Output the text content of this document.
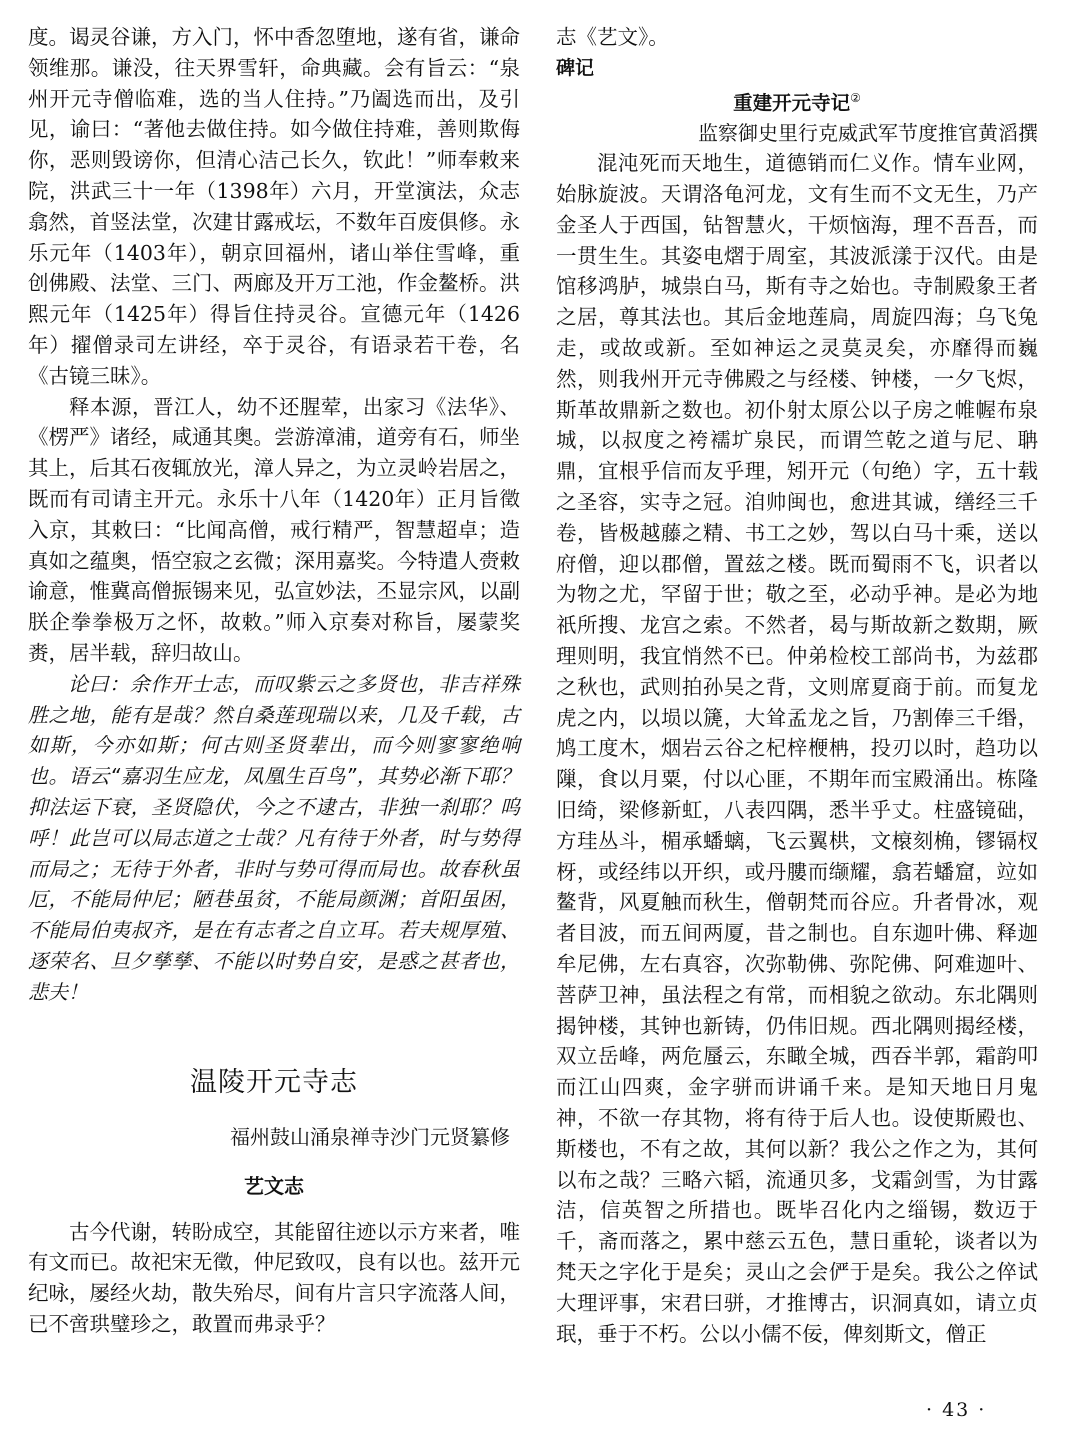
度。谒灵谷谦，方入门，怀中香忽堕地，遂有省，谦命领维那。谦没，往天界雪轩，命典藏。会有旨云：“泉州开元寺僧临难，选的当人住持。”乃阖选而出，及引见，谕曰：“著他去做住持。如今做住持难，善则欺侮你，恶则毁谤你，但清心洁己长久，钦此！”师奉敕来院，洪武三十一年（1398年）六月，开堂演法，众志翕然，首竖法堂，次建甘露戒坛，不数年百废俱修。永乐元年（1403年），朝京回福州，诸山举住雪峰，重创佛殿、法堂、三门、两廊及开万工池，作金鳌桥。洪熙元年（1425年）得旨住持灵谷。宣德元年（1426年）擢僧录司左讲经，卒于灵谷，有语录若干卷，名《古镜三昧》。

释本源，晋江人，幼不还腥荤，出家习《法华》、《楞严》诸经，咸通其奥。尝游漳浦，道旁有石，师坐其上，后其石夜辄放光，漳人异之，为立灵岭岩居之，既而有司请主开元。永乐十八年（1420年）正月旨徵入京，其敕曰：“比闻高僧，戒行精严，智慧超卓；造真如之蕴奥，悟空寂之玄微；深用嘉奖。今特遣人赍敕谕意，惟冀高僧振锡来见，弘宣妙法，丕显宗风，以副朕企拳拳极万之怀，故敕。”师入京奏对称旨，屡蒙奖赉，居半载，辞归故山。

论曰：余作开士志，而叹紫云之多贤也，非吉祥殊胜之地，能有是哉？然自桑莲现瑞以来，几及千载，古如斯，今亦如斯；何古则圣贤辈出，而今则寥寥绝响也。语云“嘉羽生应龙，凤凰生百鸟”，其势必渐下耶？抑法运下衰，圣贤隐伏，今之不逮古，非独一刹耶？呜呼！此岂可以局志道之士哉？凡有待于外者，时与势得而局之；无待于外者，非时与势可得而局也。故春秋虽厄，不能局仲尼；陋巷虽贫，不能局颜渊；首阳虽困，不能局伯夷叔齐，是在有志者之自立耳。若夫规厚殖、逐荣名、旦夕孳孳、不能以时势自安，是惑之甚者也，悲夫！

温陵开元寺志
福州鼓山涌泉禅寺沙门元贤纂修
艺文志

古今代谢，转盼成空，其能留往迹以示方来者，唯有文而已。故祀宋无徵，仲尼致叹，良有以也。兹开元纪咏，屡经火劫，散失殆尽，间有片言只字流落人间，已不啻珙璧珍之，敢置而弗录乎？

志《艺文》。

碑记
重建开元寺记②
监察御史里行克威武军节度推官黄滔撰

混沌死而天地生，道德销而仁义作。情车业网，始脉旋波。天谓洛龟河龙，文有生而不文无生，乃产金圣人于西国，钻智慧火，干烦恼海，理不吾吾，而一贯生生。其姿电熠于周室，其波派漾于汉代。由是馆移鸿胪，城祟白马，斯有寺之始也。寺制殿象王者之居，尊其法也。其后金地莲扃，周旋四海；乌飞兔走，或故或新。至如神运之灵莫灵矣，亦靡得而巍然，则我州开元寺佛殿之与经楼、钟楼，一夕飞烬，斯革故鼎新之数也。初仆射太原公以子房之帷幄布泉城，以叔度之袴襦圹泉民，而谓竺乾之道与尼、聃鼎，宜根乎信而友乎理，矧开元（句绝）字，五十载之圣容，实寺之冠。洎帅闽也，愈进其诚，缮经三千卷，皆极越藤之精、书工之妙，驾以白马十乘，送以府僧，迎以郡僧，置兹之楼。既而蜀雨不飞，识者以为物之尤，罕留于世；敬之至，必动乎神。是必为地祇所搜、龙宫之索。不然者，曷与斯故新之数期，厥理则明，我宜悄然不已。仲弟检校工部尚书，为兹郡之秋也，武则拍孙吴之背，文则席夏商于前。而复龙虎之内，以埙以篪，大耸孟龙之旨，乃割俸三千缗，鸠工度木，烟岩云谷之杞梓楩柟，投刃以时，趋功以隟，食以月粟，付以心匪，不期年而宝殿涌出。栋隆旧绮，梁修新虹，八表四隅，悉半乎丈。柱盛镜础，方珪丛斗，楣承蟠螭，飞云翼栱，文榱刻桷，镠镉杈枒，或经纬以开织，或丹膢而缬耀，翕若蟠窟，竝如鳌背，风夏触而秋生，僧朝梵而谷应。升者骨冰，观者目波，而五间两厦，昔之制也。自东迦叶佛、释迦牟尼佛，左右真容，次弥勒佛、弥陀佛、阿难迦叶、菩萨卫神，虽法程之有常，而相貌之欲动。东北隅则揭钟楼，其钟也新铸，仍伟旧规。西北隅则揭经楼，双立岳峰，两危蜃云，东瞰全城，西吞半郭，霜韵叩而江山四爽，金字骈而讲诵千来。是知天地日月鬼神，不欲一存其物，将有待于后人也。设使斯殿也、斯楼也，不有之故，其何以新？我公之作之为，其何以布之哉？三略六韬，流通贝多，戈霜剑雪，为甘露洁，信英智之所措也。既毕召化内之缁锡，数迈于千，斋而落之，累中慈云五色，慧日重轮，谈者以为梵天之字化于是矣；灵山之会俨于是矣。我公之倅试大理评事，宋君曰骈，才推博古，识洞真如，请立贞珉，垂于不朽。公以小儒不佞，俾刻斯文，僧正

· 43 ·
